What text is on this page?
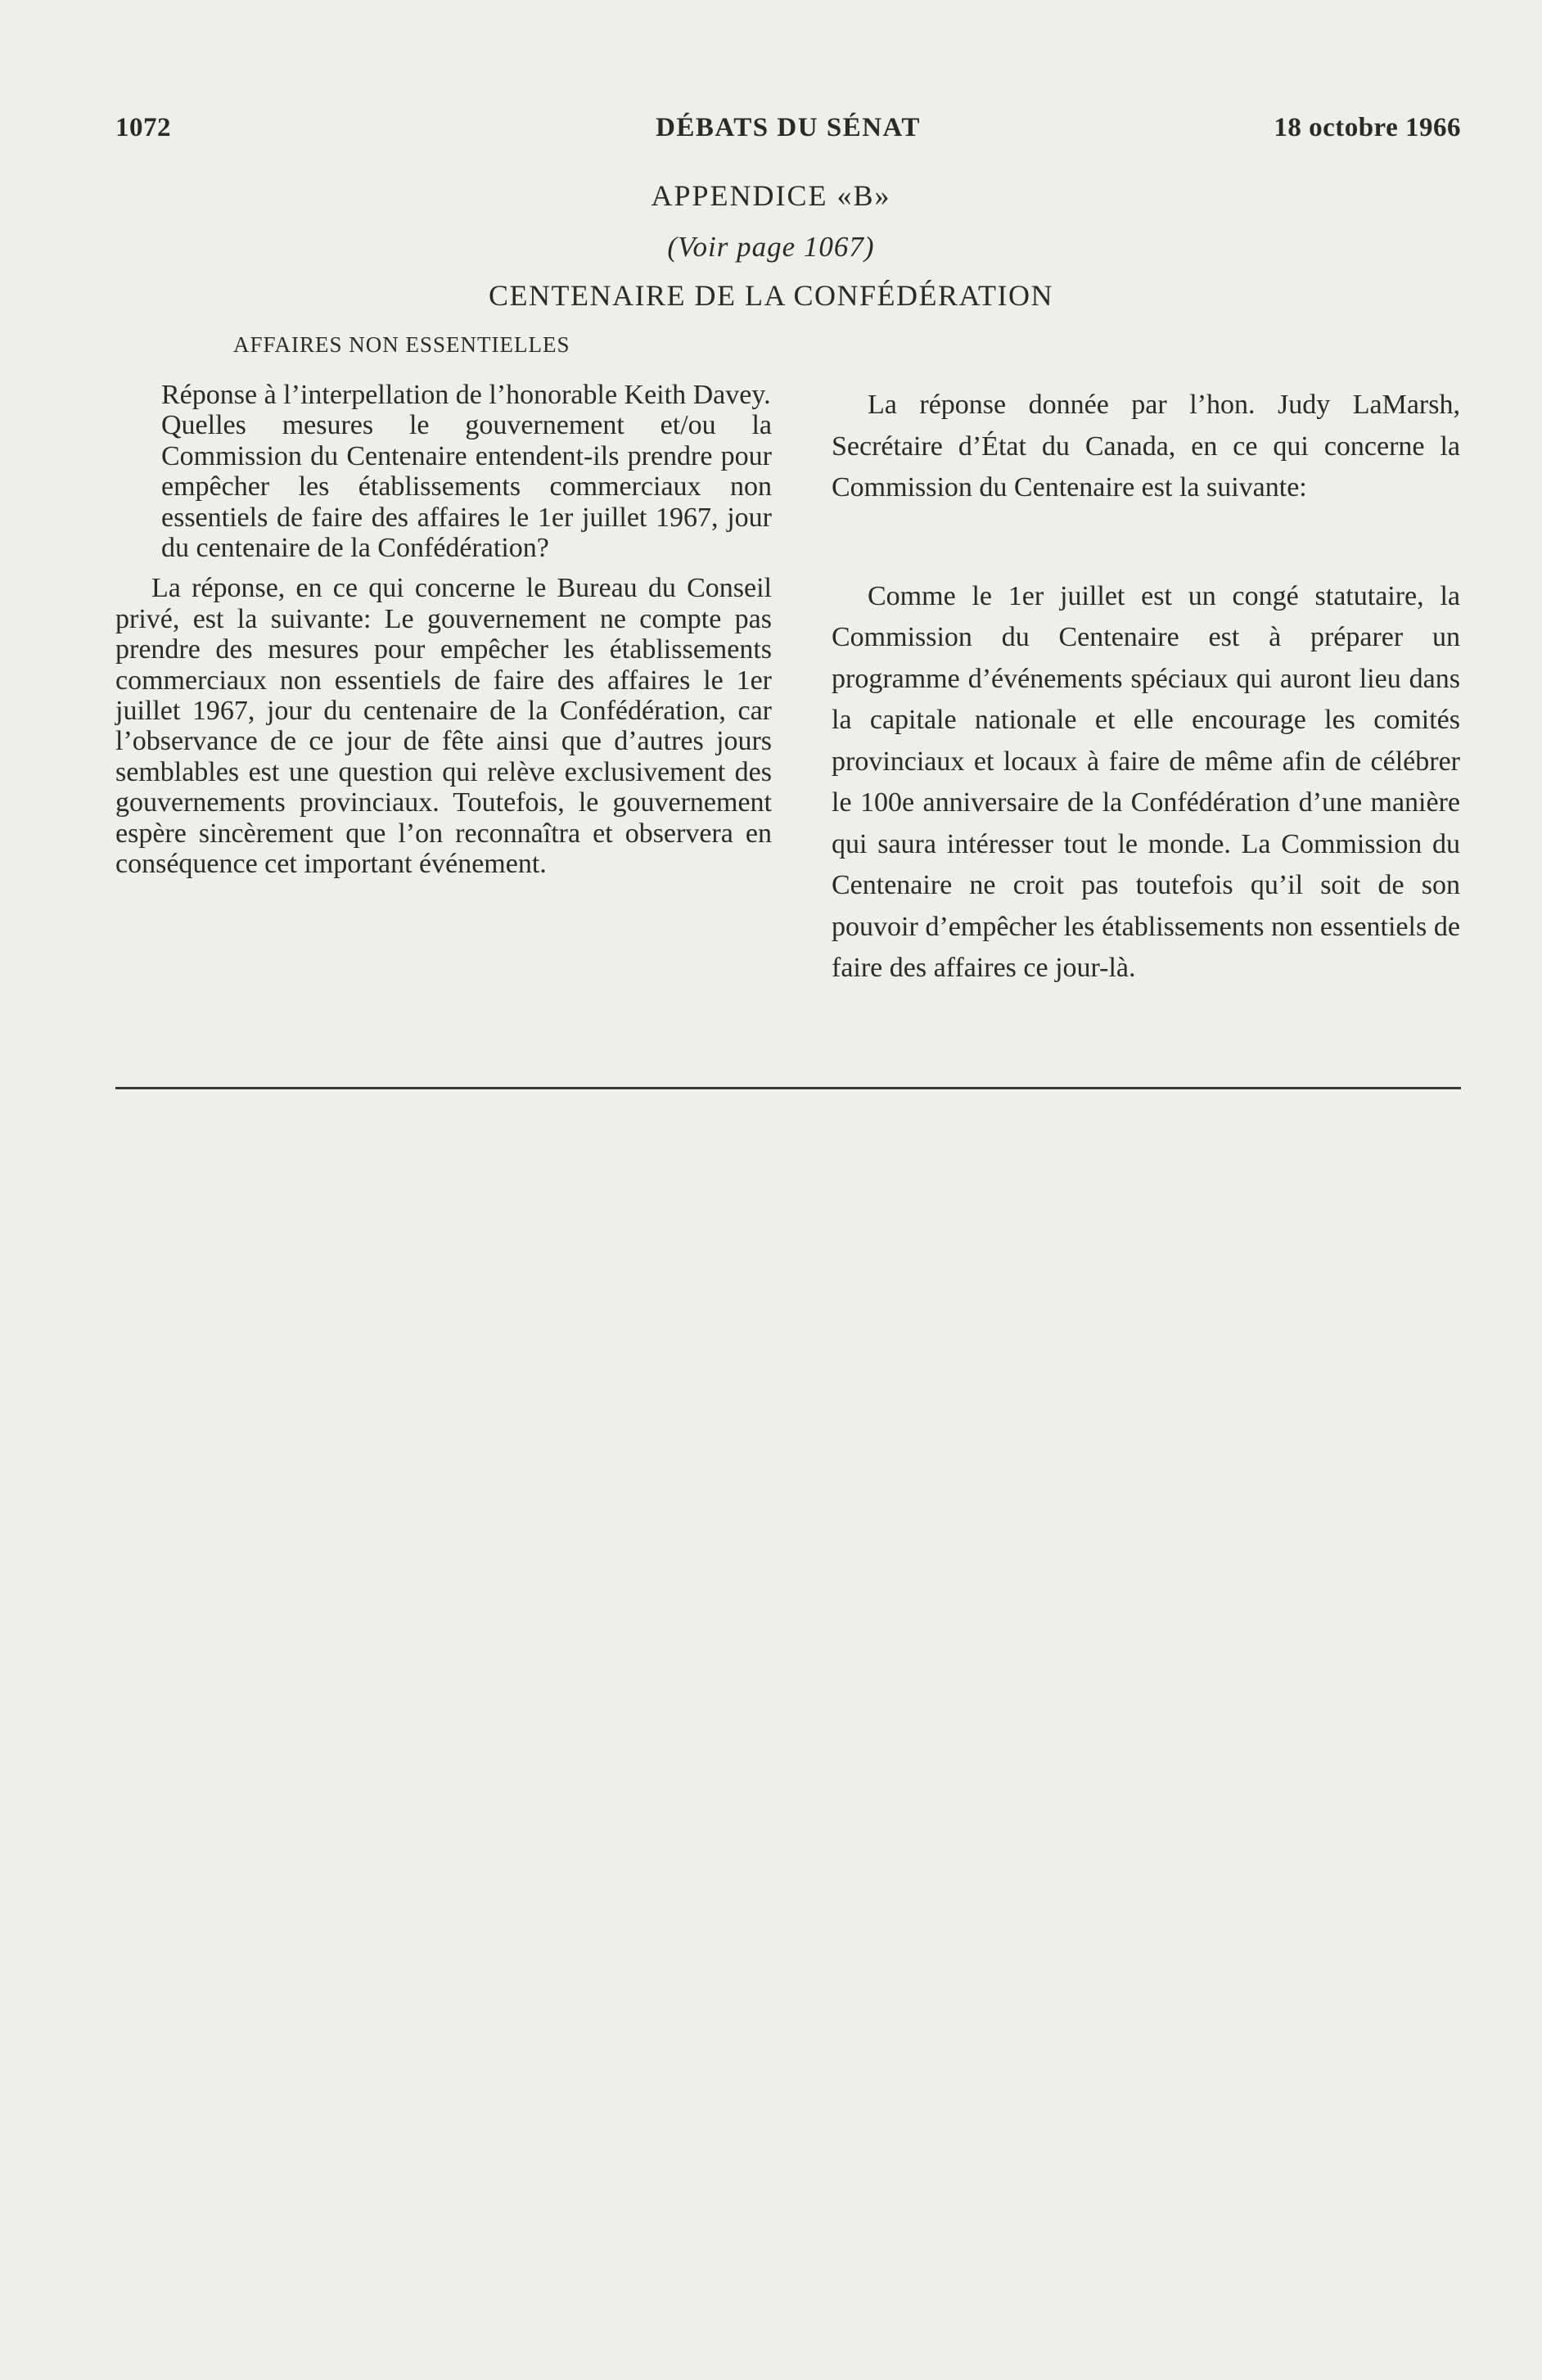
1072	DÉBATS DU SÉNAT	18 octobre 1966
APPENDICE «B»
(Voir page 1067)
CENTENAIRE DE LA CONFÉDÉRATION
AFFAIRES NON ESSENTIELLES

Réponse à l’interpellation de l’honorable Keith Davey.

Quelles mesures le gouvernement et/ou la Commission du Centenaire entendent-ils prendre pour empêcher les établissements commerciaux non essentiels de faire des affaires le 1er juillet 1967, jour du centenaire de la Confédération?

La réponse, en ce qui concerne le Bureau du Conseil privé, est la suivante: Le gouvernement ne compte pas prendre des mesures pour empêcher les établissements commerciaux non essentiels de faire des affaires le 1er juillet 1967, jour du centenaire de la Confédération, car l’observance de ce jour de fête ainsi que d’autres jours semblables est une question qui relève exclusivement des gouvernements provinciaux. Toutefois, le gouvernement espère sincèrement que l’on reconnaîtra et observera en conséquence cet important événement.

La réponse donnée par l’hon. Judy LaMarsh, Secrétaire d’État du Canada, en ce qui concerne la Commission du Centenaire est la suivante:

Comme le 1er juillet est un congé statutaire, la Commission du Centenaire est à préparer un programme d’événements spéciaux qui auront lieu dans la capitale nationale et elle encourage les comités provinciaux et locaux à faire de même afin de célébrer le 100e anniversaire de la Confédération d’une manière qui saura intéresser tout le monde. La Commission du Centenaire ne croit pas toutefois qu’il soit de son pouvoir d’empêcher les établissements non essentiels de faire des affaires ce jour-là.
